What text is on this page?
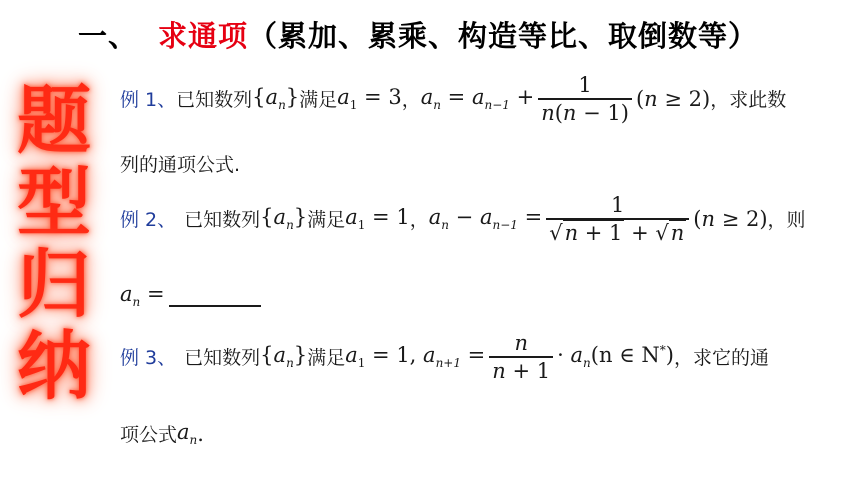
一、 求通项（累加、累乘、构造等比、取倒数等）
题
型
归
纳
例 1、 已知数列 $\{a_n\}$ 满足 $a_1 = 3$ ， $a_n = a_{n-1} + \frac{1}{n(n - 1)} (n \ge 2)$ ， 求此数
列的通项公式.
例 2、 已知数列 $\{a_n\}$ 满足 $a_1 = 1$ ， $a_n - a_{n-1} = \frac{1}{√n + 1 + √n} (n \ge 2)$ ， 则
$a_n$ =
例 3、 已知数列 $\{a_n\}$ 满足 $a_1 = 1$, $a_{n+1} = \frac{n}{n + 1} \cdot a_n(n$ ∈ N*) ， 求它的通
项公式 $a_n$ .
